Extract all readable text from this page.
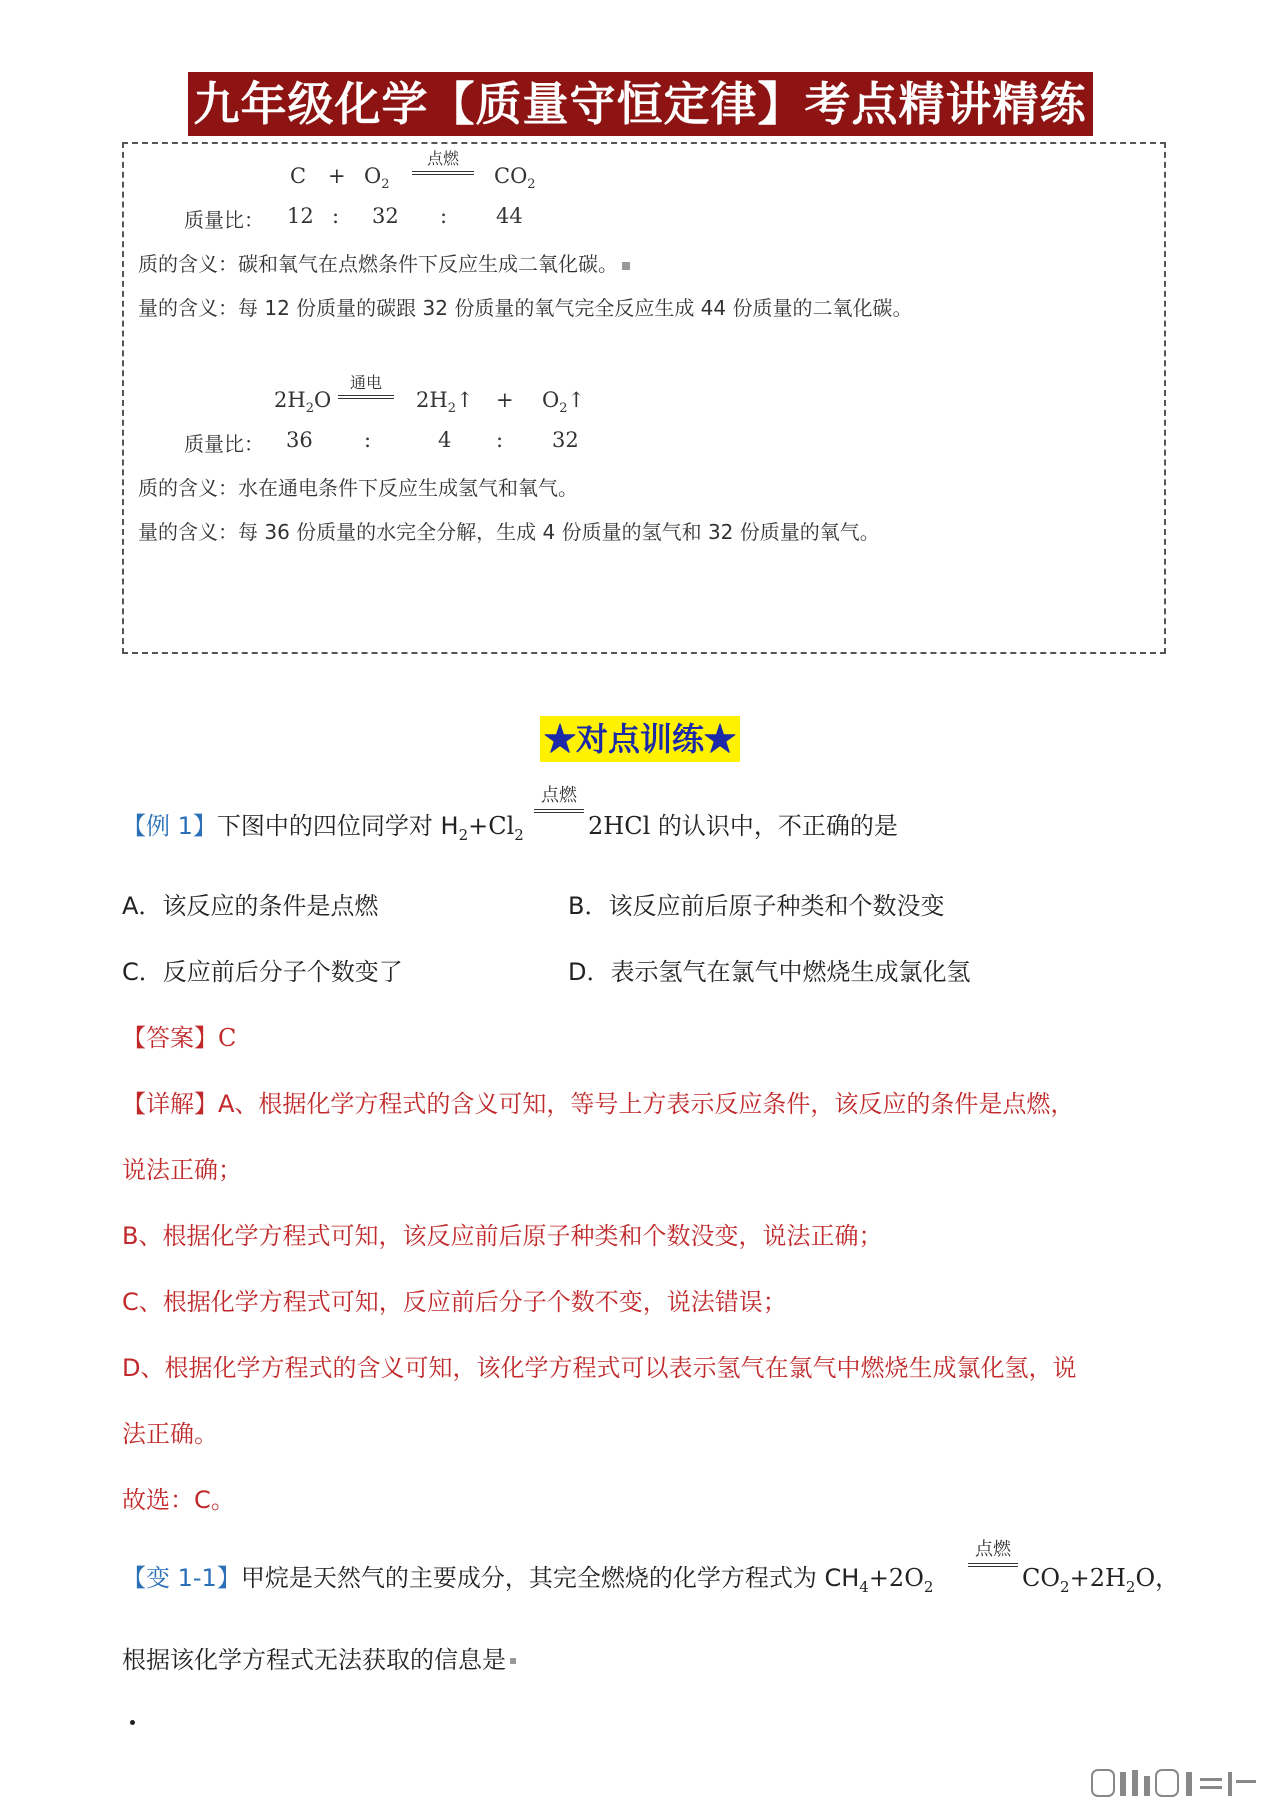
九年级化学【质量守恒定律】考点精讲精练
$C + O_2$
点燃
$CO_2$
质量比： 12 : 32 : 44
质的含义：碳和氧气在点燃条件下反应生成二氧化碳。
量的含义：每 12 份质量的碳跟 32 份质量的氧气完全反应生成 44 份质量的二氧化碳。
$2H_2O$
通电
$2H_2↑$ + $O_2↑$
质量比： 36 :	4 : 32
质的含义：水在通电条件下反应生成氢气和氧气。
量的含义：每 36 份质量的水完全分解，生成 4 份质量的氢气和 32 份质量的氧气。
★对点训练★
【例 1】下图中的四位同学对 $H_2+Cl_2$
点燃
2HCl 的认识中，不正确的是
A．该反应的条件是点燃	B．该反应前后原子种类和个数没变
C．反应前后分子个数变了	D．表示氢气在氯气中燃烧生成氯化氢
【答案】C
【详解】A、根据化学方程式的含义可知，等号上方表示反应条件，该反应的条件是点燃，
说法正确；
B、根据化学方程式可知，该反应前后原子种类和个数没变，说法正确；
C、根据化学方程式可知，反应前后分子个数不变，说法错误；
D、根据化学方程式的含义可知，该化学方程式可以表示氢气在氯气中燃烧生成氯化氢，说
法正确。
故选：C。
【变 1-1】甲烷是天然气的主要成分，其完全燃烧的化学方程式为 $CH_4+2O_2$
点燃
$CO_2+2H_2O$，
根据该化学方程式无法获取的信息是
